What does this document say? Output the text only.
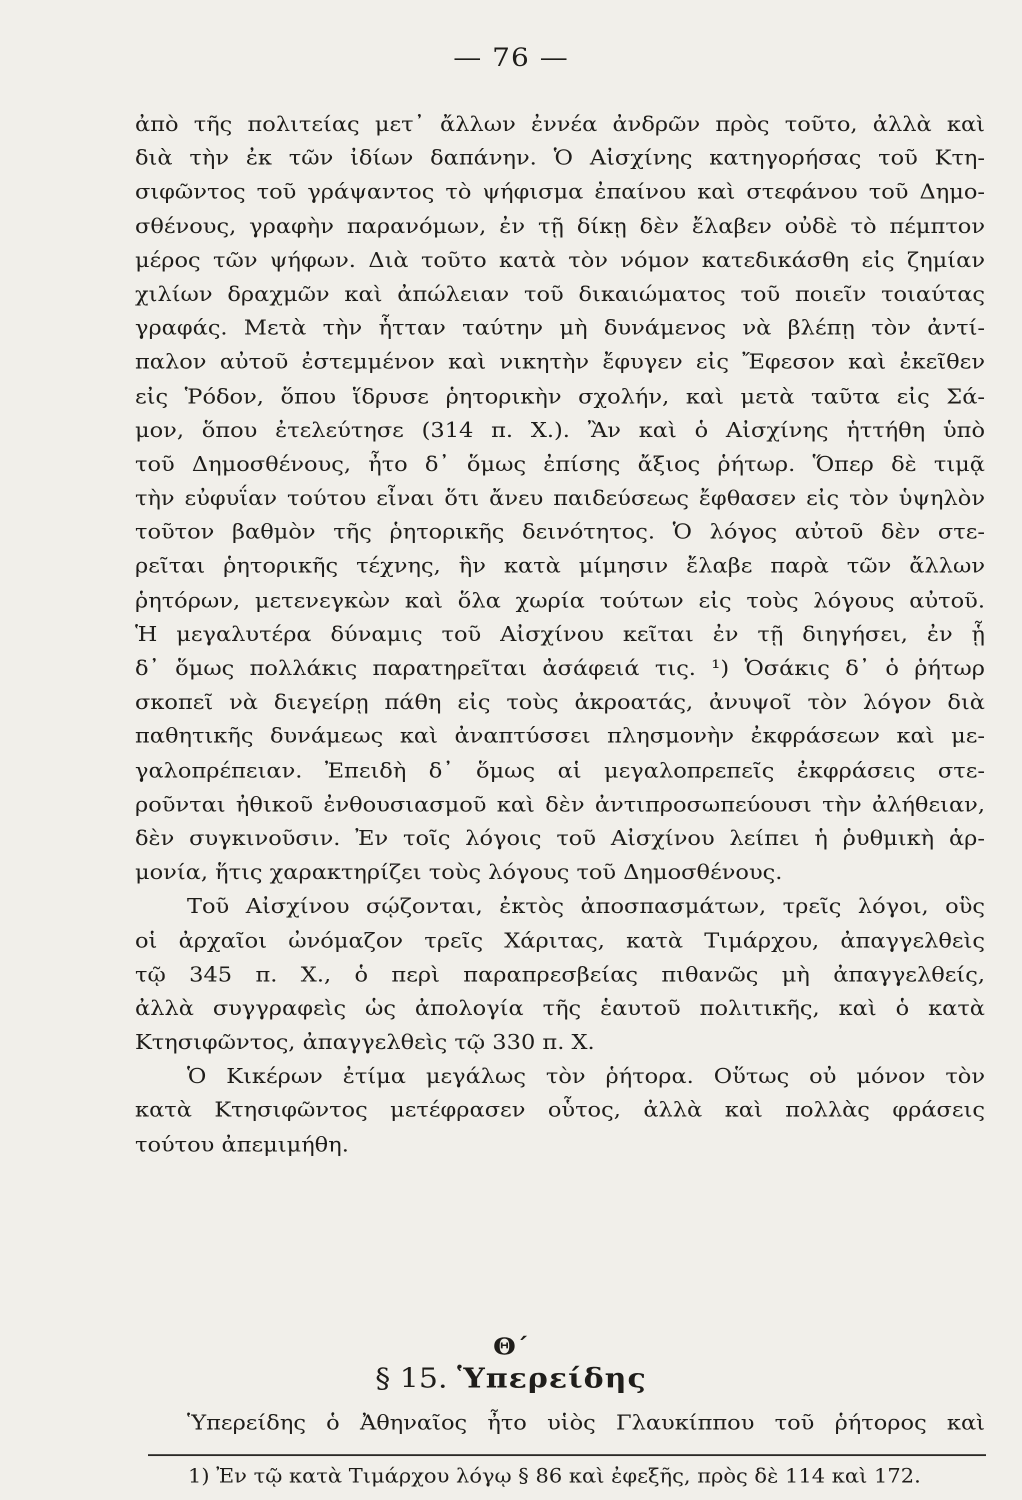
— 76 —
ἀπὸ τῆς πολιτείας μετ᾽ ἄλλων ἐννέα ἀνδρῶν πρὸς τοῦτο, ἀλλὰ καὶ
διὰ τὴν ἐκ τῶν ἰδίων δαπάνην. Ὁ Αἰσχίνης κατηγορήσας τοῦ Κτη-
σιφῶντος τοῦ γράψαντος τὸ ψήφισμα ἐπαίνου καὶ στεφάνου τοῦ Δημο-
σθένους, γραφὴν παρανόμων, ἐν τῇ δίκῃ δὲν ἔλαβεν οὐδὲ τὸ πέμπτον
μέρος τῶν ψήφων. Διὰ τοῦτο κατὰ τὸν νόμον κατεδικάσθη εἰς ζημίαν
χιλίων δραχμῶν καὶ ἀπώλειαν τοῦ δικαιώματος τοῦ ποιεῖν τοιαύτας
γραφάς. Μετὰ τὴν ἧτταν ταύτην μὴ δυνάμενος νὰ βλέπῃ τὸν ἀντί-
παλον αὐτοῦ ἐστεμμένον καὶ νικητὴν ἔφυγεν εἰς Ἔφεσον καὶ ἐκεῖθεν
εἰς Ῥόδον, ὅπου ἵδρυσε ῥητορικὴν σχολήν, καὶ μετὰ ταῦτα εἰς Σά-
μον, ὅπου ἐτελεύτησε (314 π. Χ.). Ἂν καὶ ὁ Αἰσχίνης ἡττήθη ὑπὸ
τοῦ Δημοσθένους, ἦτο δ᾽ ὅμως ἐπίσης ἄξιος ῥήτωρ. Ὅπερ δὲ τιμᾷ
τὴν εὐφυΐαν τούτου εἶναι ὅτι ἄνευ παιδεύσεως ἔφθασεν εἰς τὸν ὑψηλὸν
τοῦτον βαθμὸν τῆς ῥητορικῆς δεινότητος. Ὁ λόγος αὐτοῦ δὲν στε-
ρεῖται ῥητορικῆς τέχνης, ἣν κατὰ μίμησιν ἔλαβε παρὰ τῶν ἄλλων
ῥητόρων, μετενεγκὼν καὶ ὅλα χωρία τούτων εἰς τοὺς λόγους αὐτοῦ.
Ἡ μεγαλυτέρα δύναμις τοῦ Αἰσχίνου κεῖται ἐν τῇ διηγήσει, ἐν ᾗ
δ᾽ ὅμως πολλάκις παρατηρεῖται ἀσάφειά τις. ¹) Ὁσάκις δ᾽ ὁ ῥήτωρ
σκοπεῖ νὰ διεγείρῃ πάθη εἰς τοὺς ἀκροατάς, ἀνυψοῖ τὸν λόγον διὰ
παθητικῆς δυνάμεως καὶ ἀναπτύσσει πλησμονὴν ἐκφράσεων καὶ με-
γαλοπρέπειαν. Ἐπειδὴ δ᾽ ὅμως αἱ μεγαλοπρεπεῖς ἐκφράσεις στε-
ροῦνται ἠθικοῦ ἐνθουσιασμοῦ καὶ δὲν ἀντιπροσωπεύουσι τὴν ἀλήθειαν,
δὲν συγκινοῦσιν. Ἐν τοῖς λόγοις τοῦ Αἰσχίνου λείπει ἡ ῥυθμικὴ ἁρ-
μονία, ἥτις χαρακτηρίζει τοὺς λόγους τοῦ Δημοσθένους.
Τοῦ Αἰσχίνου σῴζονται, ἐκτὸς ἀποσπασμάτων, τρεῖς λόγοι, οὓς
οἱ ἀρχαῖοι ὠνόμαζον τρεῖς Χάριτας, κατὰ Τιμάρχου, ἀπαγγελθεὶς
τῷ 345 π. Χ., ὁ περὶ παραπρεσβείας πιθανῶς μὴ ἀπαγγελθείς,
ἀλλὰ συγγραφεὶς ὡς ἀπολογία τῆς ἑαυτοῦ πολιτικῆς, καὶ ὁ κατὰ
Κτησιφῶντος, ἀπαγγελθεὶς τῷ 330 π. Χ.
Ὁ Κικέρων ἐτίμα μεγάλως τὸν ῥήτορα. Οὕτως οὐ μόνον τὸν
κατὰ Κτησιφῶντος μετέφρασεν οὗτος, ἀλλὰ καὶ πολλὰς φράσεις
τούτου ἀπεμιμήθη.
Θ΄
§ 15. Ὑπερείδης
Ὑπερείδης ὁ Ἀθηναῖος ἦτο υἱὸς Γλαυκίππου τοῦ ῥήτορος καὶ
1) Ἐν τῷ κατὰ Τιμάρχου λόγῳ § 86 καὶ ἐφεξῆς, πρὸς δὲ 114 καὶ 172.
